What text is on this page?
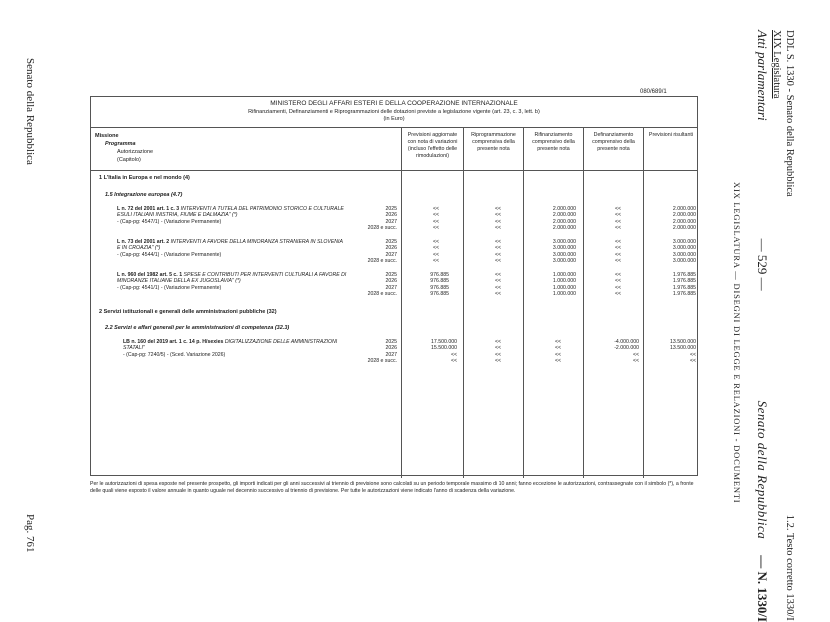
Senato della Repubblica
Pag. 761
DDL S. 1330 - Senato della Repubblica1.2. Testo corretto 1330/I
XIX Legislatura
Atti parlamentari— 529 —Senato della Repubblica— N. 1330/I
XIX LEGISLATURA — DISEGNI DI LEGGE E RELAZIONI - DOCUMENTI
080/689/1
MINISTERO DEGLI AFFARI ESTERI E DELLA COOPERAZIONE INTERNAZIONALE
Rifinanziamenti, Definanziamenti e Riprogrammazioni delle dotazioni previste a legislazione vigente (art. 23, c. 3, lett. b)
(in Euro)
Missione
Programma
Autorizzazione
(Capitolo)
Previsioni aggiornate con nota di variazioni (incluso l'effetto delle rimodulazioni)
Riprogrammazione comprensiva della presente nota
Rifinanziamento comprensivo della presente nota
Definanziamento comprensivo della presente nota
Previsioni risultanti
1 L'Italia in Europa e nel mondo (4)
1.5 Integrazione europea (4.7)
L n. 72 del 2001 art. 1 c. 3 INTERVENTI A TUTELA DEL PATRIMONIO STORICO E CULTURALE ESULI ITALIANI INISTRIA, FIUME E DALMAZIA" (*)
- (Cap-pg: 4547/1) - (Variazione Permanente)
2025
2026
2027
2028 e succ.
<<
<<
<<
<<
<<
<<
<<
<<
2.000.000
2.000.000
2.000.000
2.000.000
<<
<<
<<
<<
2.000.000
2.000.000
2.000.000
2.000.000
L n. 73 del 2001 art. 2 INTERVENTI A FAVORE DELLA MINORANZA STRANIERA IN SLOVENIA E IN CROAZIA" (*)
- (Cap-pg: 4544/1) - (Variazione Permanente)
2025
2026
2027
2028 e succ.
<<
<<
<<
<<
<<
<<
<<
<<
3.000.000
3.000.000
3.000.000
3.000.000
<<
<<
<<
<<
3.000.000
3.000.000
3.000.000
3.000.000
L n. 960 del 1982 art. 5 c. 1 SPESE E CONTRIBUTI PER INTERVENTI CULTURALI A FAVORE DI MINORANZE ITALIANE DELLA EX JUGOSLAVIA" (*)
- (Cap-pg: 4541/1) - (Variazione Permanente)
2025
2026
2027
2028 e succ.
976.885
976.885
976.885
976.885
<<
<<
<<
<<
1.000.000
1.000.000
1.000.000
1.000.000
<<
<<
<<
<<
1.976.885
1.976.885
1.976.885
1.976.885
2 Servizi istituzionali e generali delle amministrazioni pubbliche (32)
2.2 Servizi e affari generali per le amministrazioni di competenza (32.3)
LB n. 160 del 2019 art. 1 c. 14 p. H/sexies DIGITALIZZAZIONE DELLE AMMINISTRAZIONI STATALI"
- (Cap-pg: 7240/5) - (Sced. Variazione 2026)
2025
2026
2027
2028 e succ.
17.500.000
15.500.000
<<
<<
<<
<<
<<
<<
<<
<<
<<
<<
-4.000.000
-2.000.000
<<
<<
13.500.000
13.500.000
<<
<<
Per le autorizzazioni di spesa esposte nel presente prospetto, gli importi indicati per gli anni successivi al triennio di previsione sono calcolati su un periodo temporale massimo di 10 anni; fanno eccezione le autorizzazioni, contrassegnate con il simbolo (*), a fronte delle quali viene esposto il valore annuale in quanto uguale nel decennio successivo al triennio di previsione. Per tutte le autorizzazioni viene indicato l'anno di scadenza della variazione.
